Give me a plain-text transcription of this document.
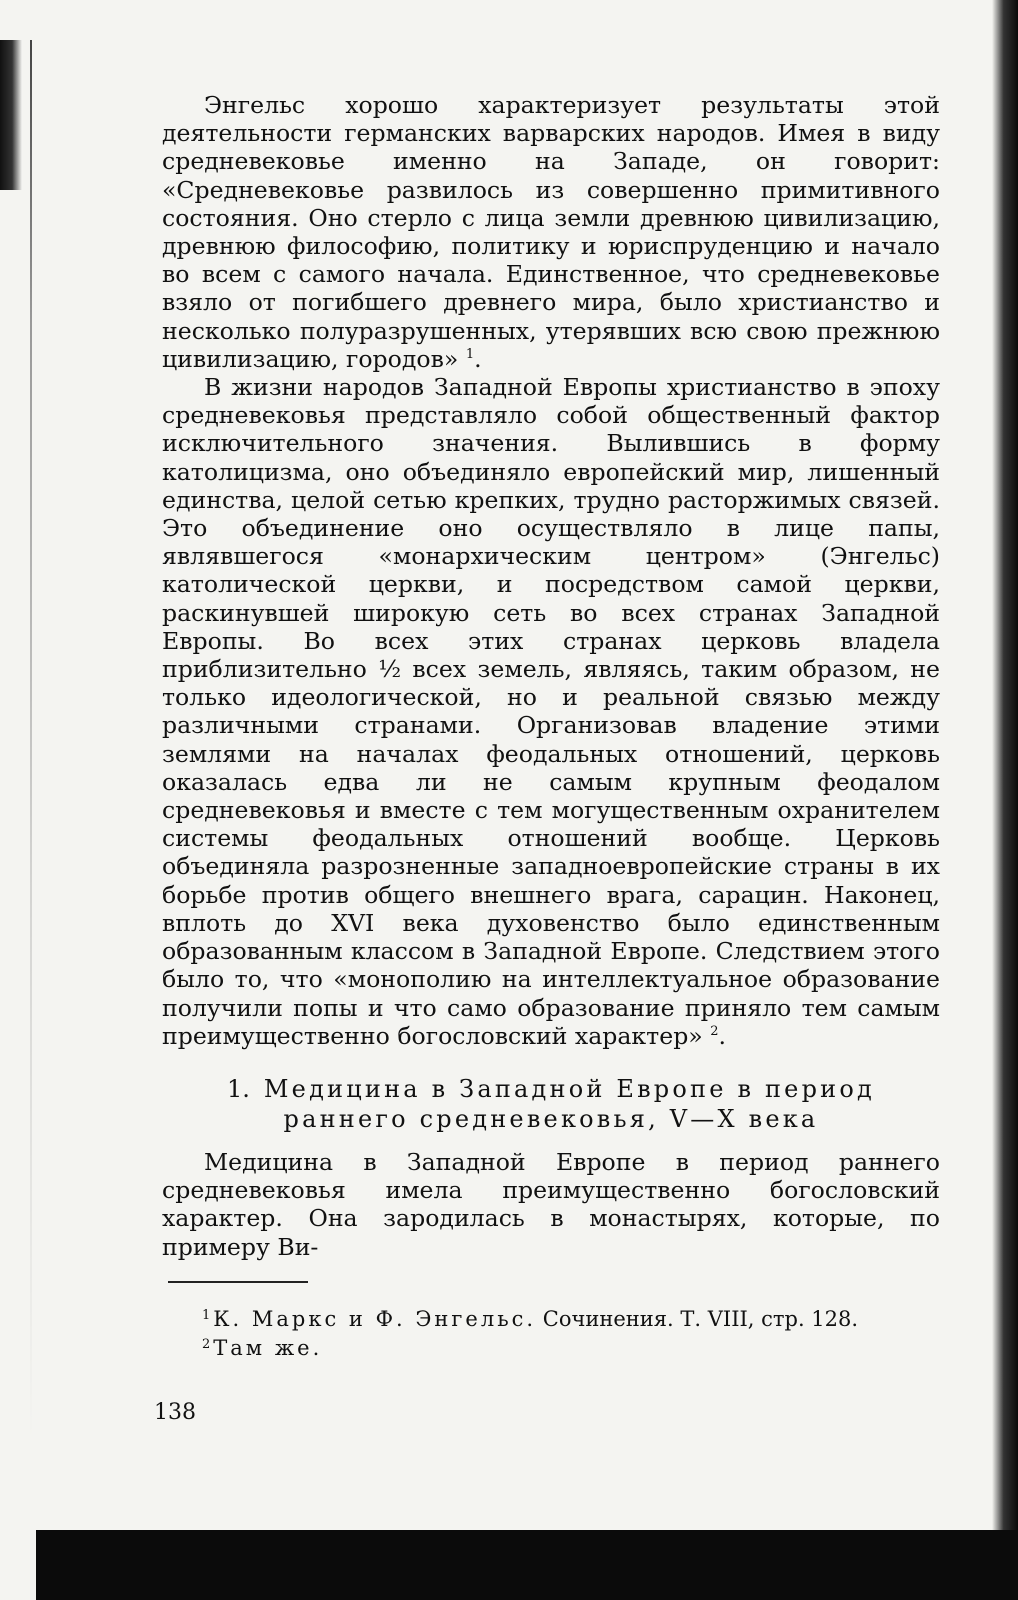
Энгельс хорошо характеризует результаты этой деятельности германских варварских народов. Имея в виду средневековье именно на Западе, он говорит: «Средневековье развилось из совершенно примитивного состояния. Оно стерло с лица земли древнюю цивилизацию, древнюю философию, политику и юриспруденцию и начало во всем с самого начала. Единственное, что средневековье взяло от погибшего древнего мира, было христианство и несколько полуразрушенных, утерявших всю свою прежнюю цивилизацию, городов» $^1$.

В жизни народов Западной Европы христианство в эпоху средневековья представляло собой общественный фактор исключительного значения. Вылившись в форму католицизма, оно объединяло европейский мир, лишенный единства, целой сетью крепких, трудно расторжимых связей. Это объединение оно осуществляло в лице папы, являвшегося «монархическим центром» (Энгельс) католической церкви, и посредством самой церкви, раскинувшей широкую сеть во всех странах Западной Европы. Во всех этих странах церковь владела приблизительно ½ всех земель, являясь, таким образом, не только идеологической, но и реальной связью между различными странами. Организовав владение этими землями на началах феодальных отношений, церковь оказалась едва ли не самым крупным феодалом средневековья и вместе с тем могущественным охранителем системы феодальных отношений вообще. Церковь объединяла разрозненные западноевропейские страны в их борьбе против общего внешнего врага, сарацин. Наконец, вплоть до XVI века духовенство было единственным образованным классом в Западной Европе. Следствием этого было то, что «монополию на интеллектуальное образование получили попы и что само образование приняло тем самым преимущественно богословский характер» $^2$.

1. Медицина в Западной Европе в период
раннего средневековья, V—X века

Медицина в Западной Европе в период раннего средневековья имела преимущественно богословский характер. Она зародилась в монастырях, которые, по примеру Ви-

$^1$ К. Маркс и Ф. Энгельс. Сочинения. Т. VIII, стр. 128.
$^2$ Там же.
138
